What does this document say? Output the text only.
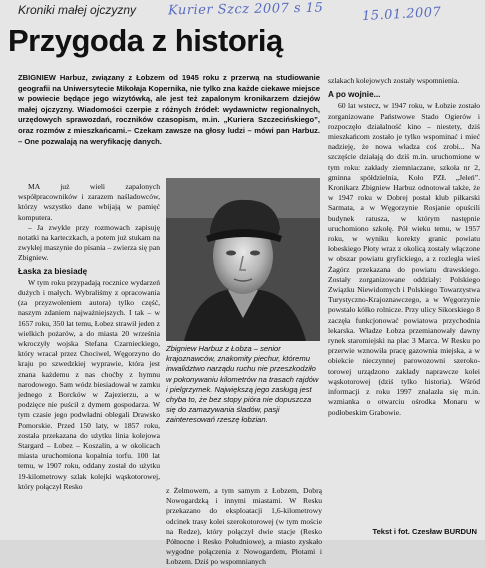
Kroniki małej ojczyzny Kurier Szcz 2007 s 15	15.01.2007
Przygoda z historią
ZBIGNIEW Harbuz, związany z Łobzem od 1945 roku z przerwą na studiowanie geografii na Uniwersytecie Mikołaja Kopernika, nie tylko zna każde ciekawe miejsce w powiecie będące jego wizytówką, ale jest też zapalonym kronikarzem dziejów małej ojczyzny. Wiadomości czerpie z różnych źródeł: wydawnictw regionalnych, urzędowych sprawozdań, roczników czasopism, m.in. „Kuriera Szczecińskiego”, oraz rozmów z mieszkańcami.– Czekam zawsze na głosy ludzi – mówi pan Harbuz. – One pozwalają na weryfikację danych.

MA już wieli zapalonych współpracowników i zarazem naśladowców, którzy wszystko dane wbijają w pamięć komputera.

– Ja zwykle przy rozmowach zapisuję notatki na karteczkach, a potem już stukam na zwykłej maszynie do pisania – zwierza się pan Zbigniew.

Łaska za biesiadę

W tym roku przypadają rocznice wydarzeń dużych i małych. Wybraliśmy z opracowania (za przyzwoleniem autora) tylko część, naszym zdaniem najważniejszych. I tak – w 1657 roku, 350 lat temu, Łobez strawił jeden z wielkich pożarów, a do miasta 20 września wkroczyły wojska Stefana Czarnieckiego, który wracał przez Chociwel, Węgorzyno do kraju po szwedzkiej wyprawie, która jest znana każdemu z nas choćby z hymnu narodowego. Sam wódz biesiadował w zamku jednego z Borcków w Zajezierzu, a w podzięce nie puścił z dymem gospodarza. W tym czasie jego podwładni oblegali Drawsko Pomorskie. Przed 150 laty, w 1857 roku, została przekazana do użytku linia kolejowa Stargard – Łobez – Koszalin, a w okolicach miasta uruchomiona kopalnia torfu. 100 lat temu, w 1907 roku, oddany został do użytku 19-kilometrowy szlak kolejki wąskotorowej, który połączył Resko

Zbigniew Harbuz z Łobza – senior krajoznawców, znakomity piechur, któremu inwalidztwo narządu ruchu nie przeszkodziło w pokonywaniu kilometrów na trasach rajdów i pielgrzymek. Największą jego zasługą jest chyba to, że bez stopy pióra nie dopuszcza się do zamazywania śladów, pasji zainteresowań rzeszę łobzian.

z Żelmowem, a tym samym z Łobzem, Dobrą Nowogardzką i innymi miastami. W Resku przekazano do eksploatacji 1,6-kilometrowy odcinek trasy kolei szerokotorowej (w tym moście na Redze), który połączył dwie stacje (Resko Północne i Resko Południowe), a miasto zyskało wygodne połączenia z Nowogardem, Płotami i Łobzem. Dziś po wspomnianych

szlakach kolejowych zostały wspomnienia.

A po wojnie...

60 lat wstecz, w 1947 roku, w Łobzie zostało zorganizowane Państwowe Stado Ogierów i rozpoczęło działalność kino – niestety, dziś mieszkańcom zostało je tylko wspominać i mieć nadzieję, że nowa władza coś zrobi... Na szczęście działają do dziś m.in. uruchomione w tym roku: zakłady ziemniaczane, szkoła nr 2, gminna spółdzielnia, Koło PZŁ „Jeleń”. Kronikarz Zbigniew Harbuz odnotował także, że w 1947 roku w Dobrej postał klub piłkarski Sarmata, a w Węgorzynie Rosjanie opuścili budynek ratusza, w którym następnie uruchomiono szkołę. Pół wieku temu, w 1957 roku, w wyniku korekty granic powiatu łobeskiego Płoty wraz z okolicą zostały włączone w obszar powiatu gryfickiego, a z rozległa wieś Żagórz przekazana do powiatu drawskiego. Zostały zorganizowane oddziały: Polskiego Związku Niewidomych i Polskiego Towarzystwa Turystyczno-Krajoznawczego, a w Węgorzynie powstało kółko rolnicze. Przy ulicy Sikorskiego 8 zaczęła funkcjonować powiatowa przychodnia lekarska. Władze Łobza przemianowały dawny rynek staromiejski na plac 3 Marca. W Resku po przerwie wznowiła pracę gazownia miejska, a w obiekcie nieczynnej parowozowni szeroko-torowej urządzono zakłady naprawcze kolei wąskotorowej (dziś tylko historia). Wśród informacji z roku 1997 znalazła się m.in. wzmianka o otwarciu ośrodka Monaru w podłobeskim Grabowie.

Tekst i fot. Czesław BURDUN
